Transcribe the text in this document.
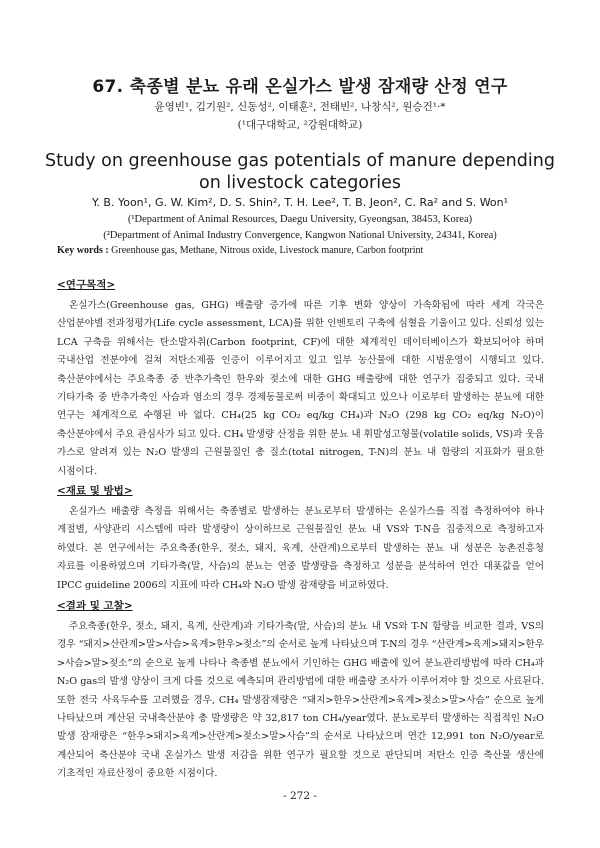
67. 축종별 분뇨 유래 온실가스 발생 잠재량 산정 연구
윤영빈¹, 김기원², 신동성², 이태훈², 전태빈², 나창식², 원승건¹·*
(¹대구대학교, ²강원대학교)
Study on greenhouse gas potentials of manure depending on livestock categories
Y. B. Yoon¹, G. W. Kim², D. S. Shin², T. H. Lee², T. B. Jeon², C. Ra² and S. Won¹
(¹Department of Animal Resources, Daegu University, Gyeongsan, 38453, Korea)
(²Department of Animal Industry Convergence, Kangwon National University, 24341, Korea)
Key words : Greenhouse gas, Methane, Nitrous oxide, Livestock manure, Carbon footprint
<연구목적>
온실가스(Greenhouse gas, GHG) 배출량 증가에 따른 기후 변화 양상이 가속화됨에 따라 세계 각국은 산업분야별 전과정평가(Life cycle assessment, LCA)를 위한 인벤토리 구축에 심혈을 기울이고 있다. 신뢰성 있는 LCA 구축을 위해서는 탄소발자취(Carbon footprint, CF)에 대한 체계적인 데이터베이스가 확보되어야 하며 국내산업 전분야에 걸쳐 저탄소제품 인증이 이루어지고 있고 일부 농산물에 대한 시범운영이 시행되고 있다. 축산분야에서는 주요축종 중 반추가축인 한우와 젖소에 대한 GHG 배출량에 대한 연구가 집중되고 있다. 국내 기타가축 중 반추가축인 사슴과 염소의 경우 경제동물로써 비중이 확대되고 있으나 이로부터 발생하는 분뇨에 대한 연구는 체계적으로 수행된 바 없다. CH₄(25 kg CO₂ eq/kg CH₄)과 N₂O (298 kg CO₂ eq/kg N₂O)이 축산분야에서 주요 관심사가 되고 있다. CH₄ 발생량 산정을 위한 분뇨 내 휘발성고형물(volatile solids, VS)과 웃음 가스로 알려져 있는 N₂O 발생의 근원물질인 총 질소(total nitrogen, T-N)의 분뇨 내 함량의 지표화가 필요한 시점이다.
<재료 및 방법>
온실가스 배출량 측정을 위해서는 축종별로 발생하는 분뇨로부터 발생하는 온실가스를 직접 측정하여야 하나 계절별, 사양관리 시스템에 따라 발생량이 상이하므로 근원물질인 분뇨 내 VS와 T-N을 집중적으로 측정하고자 하였다. 본 연구에서는 주요축종(한우, 젖소, 돼지, 육계, 산란계)으로부터 발생하는 분뇨 내 성분은 농촌진흥청 자료를 이용하였으며 기타가축(말, 사슴)의 분뇨는 연중 발생량을 측정하고 성분을 분석하여 연간 대푯값을 얻어 IPCC guideline 2006의 지표에 따라 CH₄와 N₂O 발생 잠재량을 비교하였다.
<결과 및 고찰>
주요축종(한우, 젖소, 돼지, 육계, 산란계)과 기타가축(말, 사슴)의 분뇨 내 VS와 T-N 함량을 비교한 결과, VS의 경우 “돼지>산란계>말>사슴>육계>한우>젖소”의 순서로 높게 나타났으며 T-N의 경우 “산란계>육계>돼지>한우>사슴>말>젖소”의 순으로 높게 나타나 축종별 분뇨에서 기인하는 GHG 배출에 있어 분뇨관리방법에 따라 CH₄과 N₂O gas의 발생 양상이 크게 다를 것으로 예측되며 관리방법에 대한 배출량 조사가 이루어져야 할 것으로 사료된다. 또한 전국 사육두수를 고려했을 경우, CH₄ 발생잠재량은 “돼지>한우>산란계>육계>젖소>말>사슴” 순으로 높게 나타났으며 계산된 국내축산분야 총 발생량은 약 32,817 ton CH₄/year였다. 분뇨로부터 발생하는 직접적인 N₂O 발생 잠재량은 “한우>돼지>육계>산란계>젖소>말>사슴”의 순서로 나타났으며 연간 12,991 ton N₂O/year로 계산되어 축산분야 국내 온실가스 발생 저감을 위한 연구가 필요할 것으로 판단되며 저탄소 인증 축산물 생산에 기초적인 자료산정이 중요한 시점이다.
- 272 -
